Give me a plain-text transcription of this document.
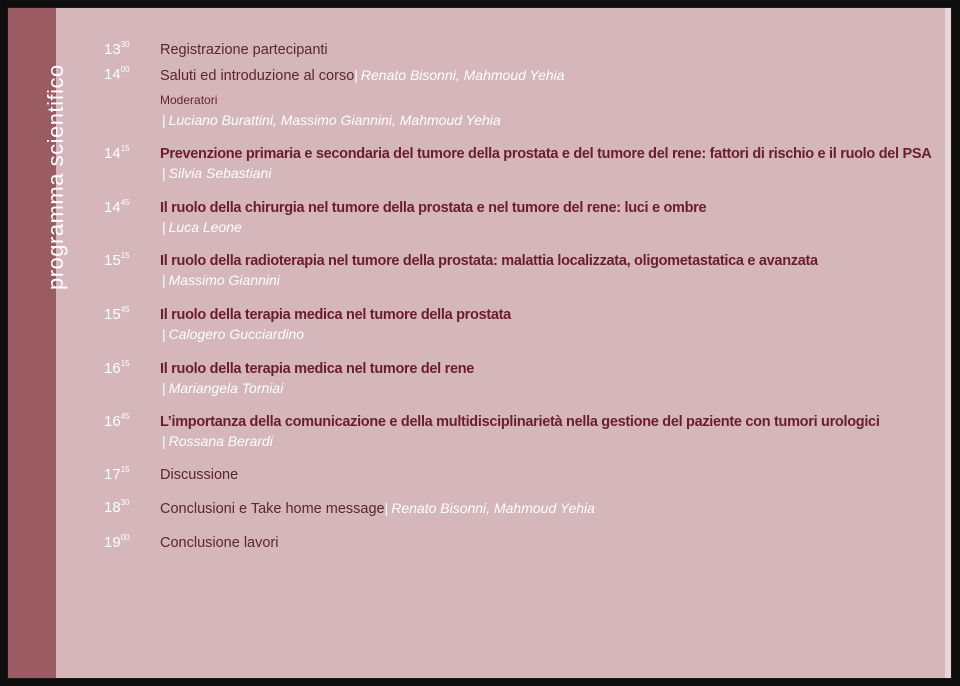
programma scientifico
$13^{30}$	Registrazione partecipanti
$14^{00}$	Saluti ed introduzione al corso| Renato Bisonni, Mahmoud Yehia
Moderatori
| Luciano Burattini, Massimo Giannini, Mahmoud Yehia
$14^{15}$	Prevenzione primaria e secondaria del tumore della prostata e del tumore del rene: fattori di rischio e il ruolo del PSA
| Silvia Sebastiani
$14^{45}$	Il ruolo della chirurgia nel tumore della prostata e nel tumore del rene: luci e ombre
| Luca Leone
$15^{15}$	Il ruolo della radioterapia nel tumore della prostata: malattia localizzata, oligometastatica e avanzata
| Massimo Giannini
$15^{45}$	Il ruolo della terapia medica nel tumore della prostata
| Calogero Gucciardino
$16^{15}$	Il ruolo della terapia medica nel tumore del rene
| Mariangela Torniai
$16^{45}$	L’importanza della comunicazione e della multidisciplinarietà nella gestione del paziente con tumori urologici
| Rossana Berardi
$17^{15}$	Discussione
$18^{30}$	Conclusioni e Take home message| Renato Bisonni, Mahmoud Yehia
$19^{00}$	Conclusione lavori
